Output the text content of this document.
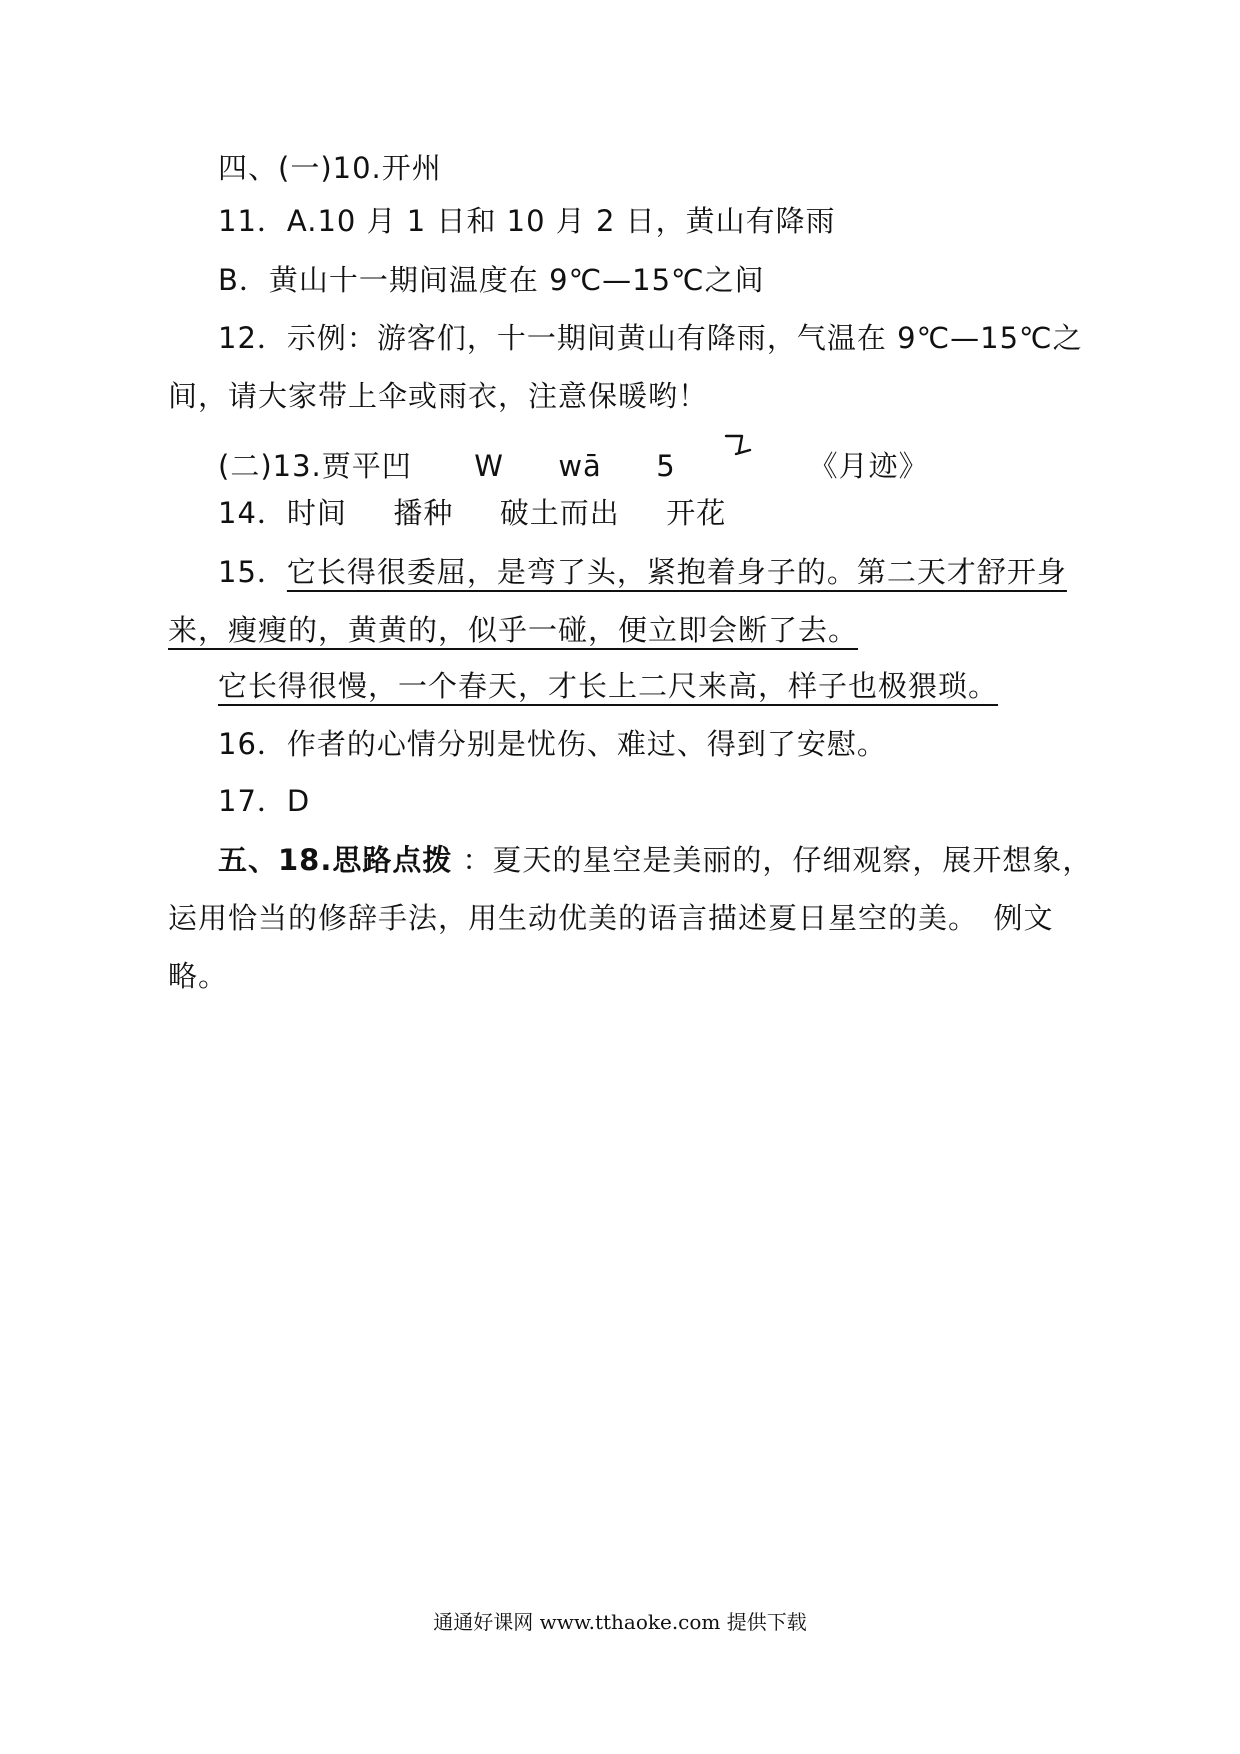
四、(一)10.开州
11．A.10 月 1 日和 10 月 2 日，黄山有降雨
B．黄山十一期间温度在 9℃—15℃之间
12．示例：游客们，十一期间黄山有降雨，气温在 9℃—15℃之
间，请大家带上伞或雨衣，注意保暖哟！
(二)13.贾平凹 W wā 5	《月迹》
14．时间 播种 破土而出 开花
15．它长得很委屈，是弯了头，紧抱着身子的。第二天才舒开身
来，瘦瘦的，黄黄的，似乎一碰，便立即会断了去。
它长得很慢，一个春天，才长上二尺来高，样子也极猥琐。
16．作者的心情分别是忧伤、难过、得到了安慰。
17．D
五、18.思路点拨 ：夏天的星空是美丽的，仔细观察，展开想象，
运用恰当的修辞手法，用生动优美的语言描述夏日星空的美。　例文
略。
通通好课网 www.tthaoke.com 提供下载
